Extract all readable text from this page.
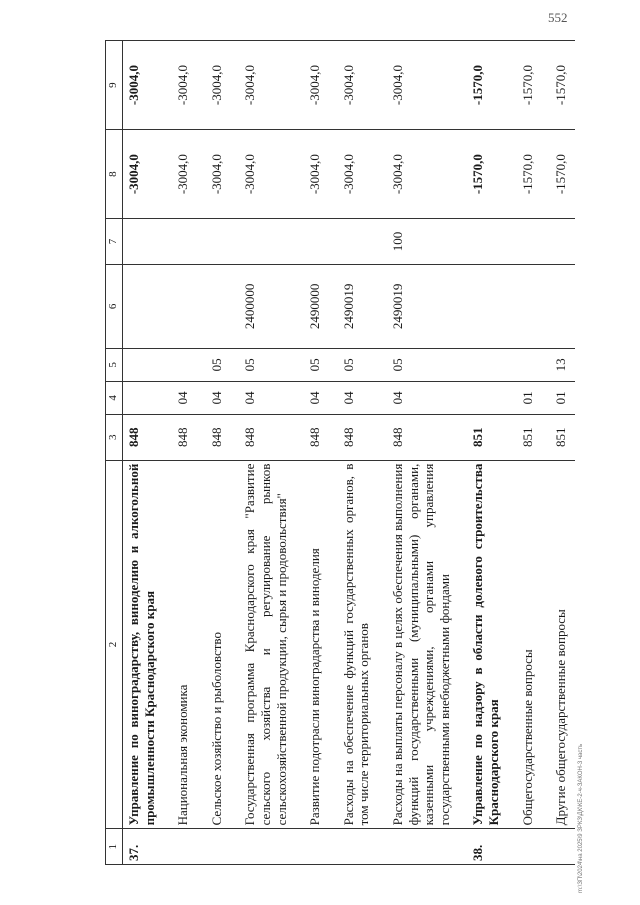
552
m:\ЗП\2024\на 2025\9 ЗРКЗ\ДК\КЕ-2-ч-ЗАКОН-3 часть
1	2	3	4	5	6	7	8	9
37.	Управление по виноградарству, виноделию и алкогольной промышленности Краснодарского края	848					-3004,0	-3004,0
	Национальная экономика	848	04				-3004,0	-3004,0
	Сельское хозяйство и рыболовство	848	04	05			-3004,0	-3004,0
	Государственная программа Краснодарского края "Развитие сельского хозяйства и регулирование рынков сельскохозяйственной продукции, сырья и продовольствия"	848	04	05	2400000		-3004,0	-3004,0
	Развитие подотрасли виноградарства и виноделия	848	04	05	2490000		-3004,0	-3004,0
	Расходы на обеспечение функций государственных органов, в том числе территориальных органов	848	04	05	2490019		-3004,0	-3004,0
	Расходы на выплаты персоналу в целях обеспечения выполнения функций государственными (муниципальными) органами, казенными учреждениями, органами управления государственными внебюджетными фондами	848	04	05	2490019	100	-3004,0	-3004,0
38.	Управление по надзору в области долевого строительства Краснодарского края	851					-1570,0	-1570,0
	Общегосударственные вопросы	851	01				-1570,0	-1570,0
	Другие общегосударственные вопросы	851	01	13			-1570,0	-1570,0
